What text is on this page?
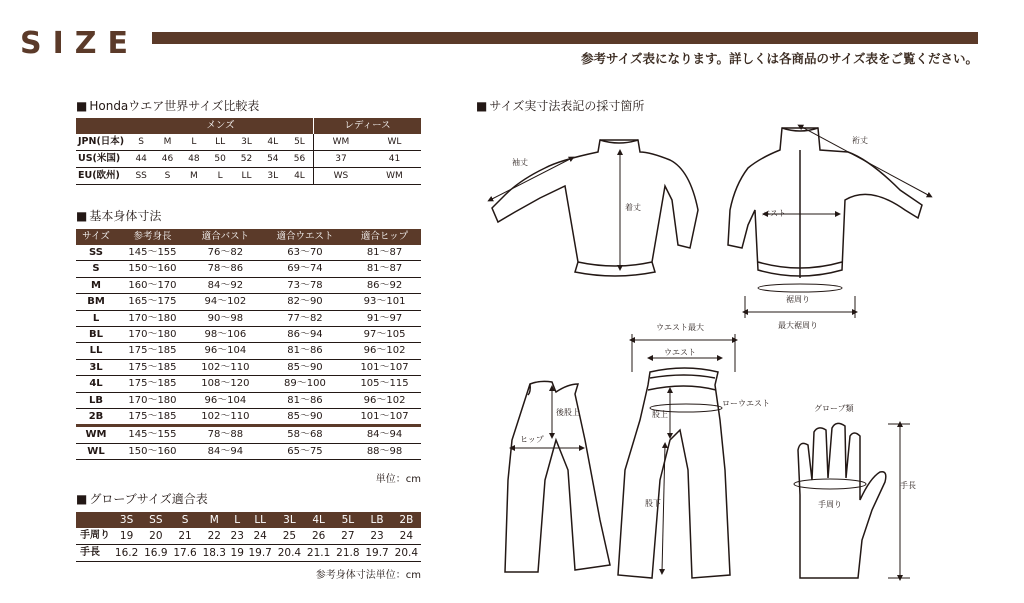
SIZE	参考サイズ表になります。詳しくは各商品のサイズ表をご覧ください。
■ Hondaウエア世界サイズ比較表
	メンズ							レディース	
JPN(日本)	S	M	L	LL	3L	4L	5L	WM	WL
US(米国)	44	46	48	50	52	54	56	37	41
EU(欧州)	SS	S	M	L	LL	3L	4L	WS	WM
■ 基本身体寸法
サイズ	参考身長	適合バスト	適合ウエスト	適合ヒップ
SS	145～155	76～82	63～70	81～87
S	150～160	78～86	69～74	81～87
M	160～170	84～92	73～78	86～92
BM	165～175	94～102	82～90	93～101
L	170～180	90～98	77～82	91～97
BL	170～180	98～106	86～94	97～105
LL	175～185	96～104	81～86	96～102
3L	175～185	102～110	85～90	101～107
4L	175～185	108～120	89～100	105～115
LB	170～180	96～104	81～86	96～102
2B	175～185	102～110	85～90	101～107
WM	145～155	78～88	58～68	84～94
WL	150～160	84～94	65～75	88～98
単位：cm
■ グローブサイズ適合表
	3S	SS	S	M	L	LL	3L	4L	5L	LB	2B
手周り	19	20	21	22	23	24	25	26	27	23	24
手長	16.2	16.9	17.6	18.3	19	19.7	20.4	21.1	21.8	19.7	20.4
参考身体寸法単位：cm
■ サイズ実寸法表記の採寸箇所
袖丈
着丈
裄丈
バスト
裾周り
最大裾周り
ウエスト最大
ウエスト
ローウエスト
後股上	股上
ヒップ
股下
グローブ類
手長
手周り
